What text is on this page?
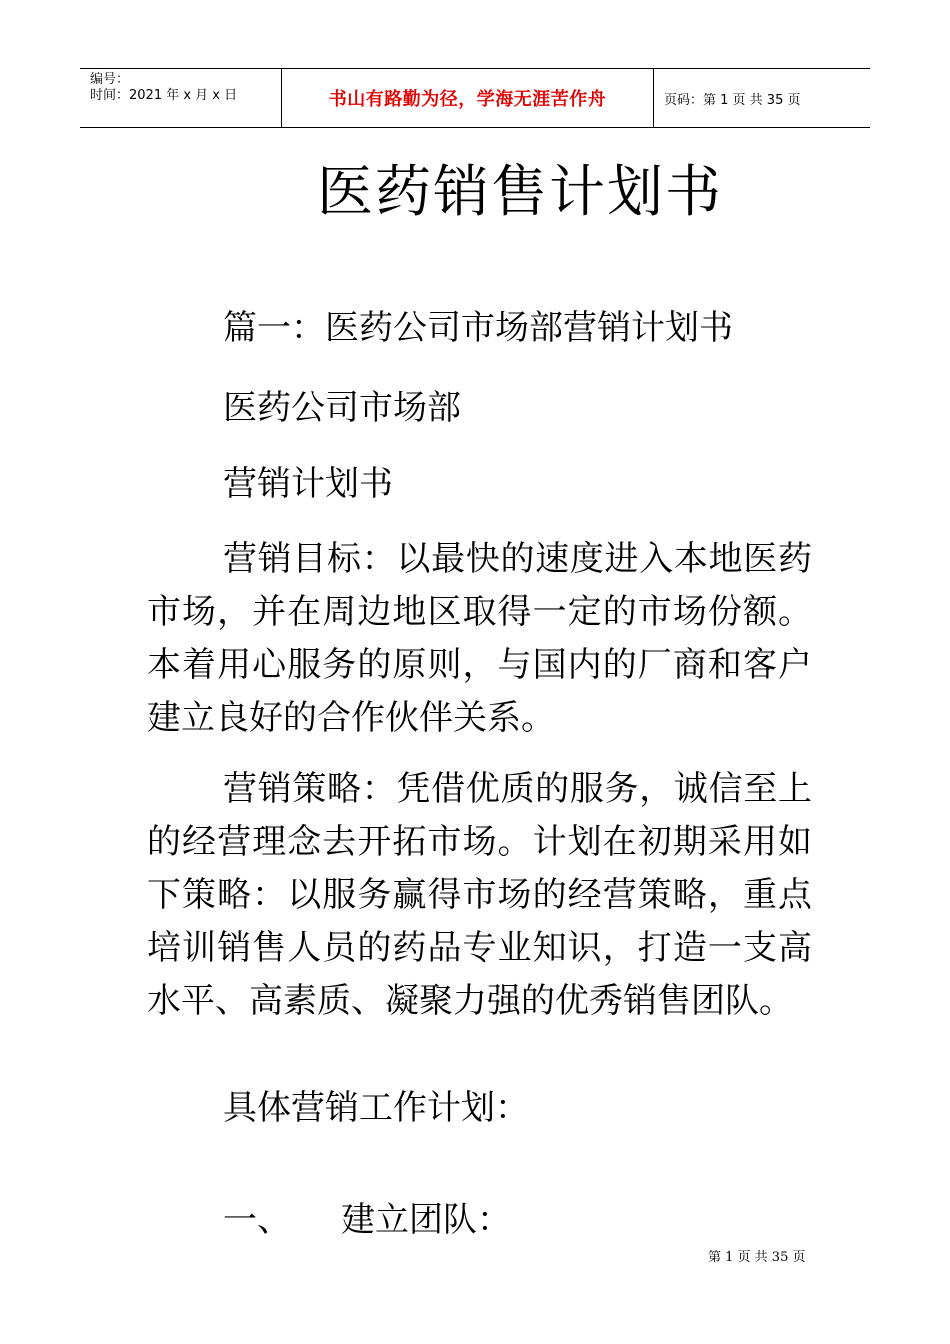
编号：
时间：2021 年 x 月 x 日	书山有路勤为径，学海无涯苦作舟	页码：第 1 页 共 35 页
医药销售计划书

篇一：医药公司市场部营销计划书

医药公司市场部

营销计划书

营销目标：以最快的速度进入本地医药市场，并在周边地区取得一定的市场份额。本着用心服务的原则，与国内的厂商和客户建立良好的合作伙伴关系。

营销策略：凭借优质的服务，诚信至上的经营理念去开拓市场。计划在初期采用如下策略：以服务赢得市场的经营策略，重点培训销售人员的药品专业知识，打造一支高水平、高素质、凝聚力强的优秀销售团队。

具体营销工作计划：

一、 建立团队：

第 1 页 共 35 页
